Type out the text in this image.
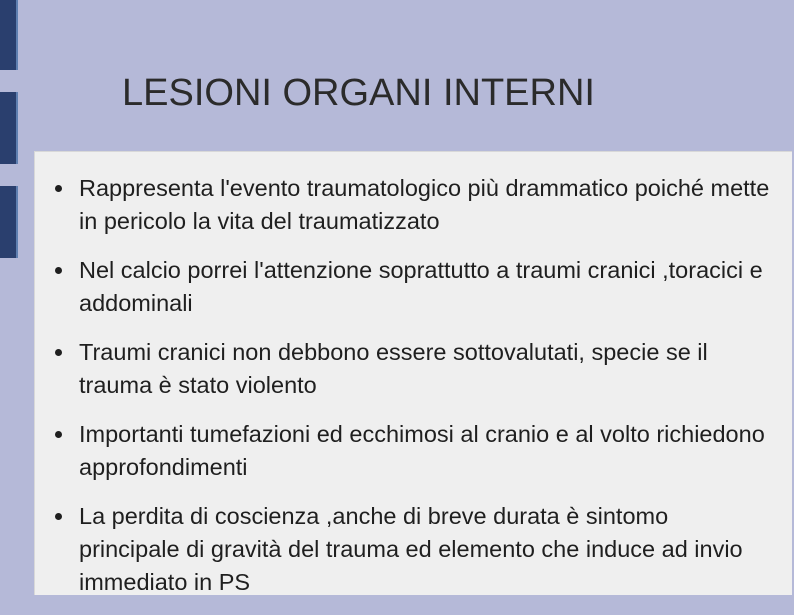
LESIONI ORGANI INTERNI
Rappresenta l'evento traumatologico più drammatico poiché mette in pericolo la vita del traumatizzato
Nel calcio porrei l'attenzione soprattutto a traumi cranici ,toracici e addominali
Traumi cranici non debbono essere sottovalutati, specie se il trauma è stato violento
Importanti tumefazioni ed ecchimosi al cranio e al volto richiedono approfondimenti
La perdita di coscienza ,anche di breve durata è sintomo principale di gravità del trauma ed elemento che induce ad invio immediato in PS
